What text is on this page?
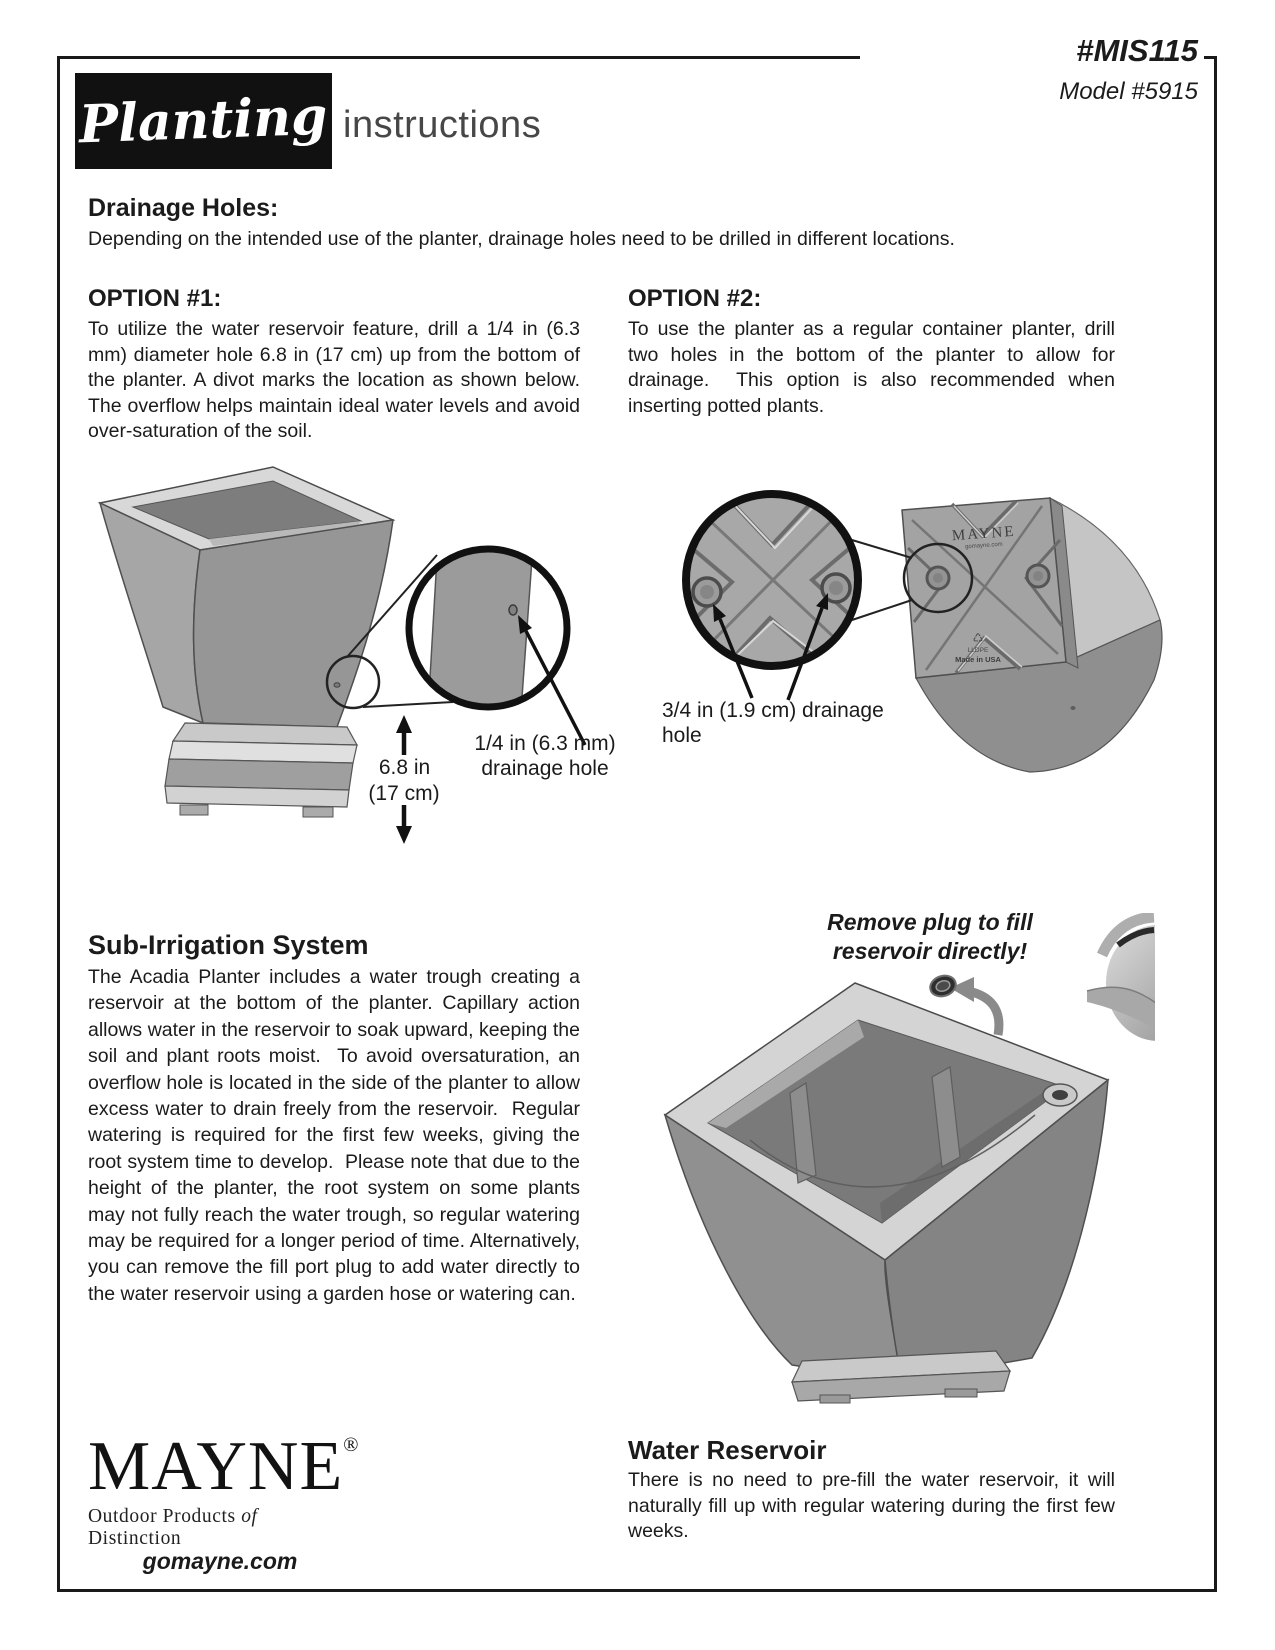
#MIS115
Model #5915
Planting instructions
Drainage Holes:
Depending on the intended use of the planter, drainage holes need to be drilled in different locations.
OPTION #1:
To utilize the water reservoir feature, drill a 1/4 in (6.3 mm) diameter hole 6.8 in (17 cm) up from the bottom of the planter. A divot marks the location as shown below. The overflow helps maintain ideal water levels and avoid over-saturation of the soil.
OPTION #2:
To use the planter as a regular container planter, drill two holes in the bottom of the planter to allow for drainage.  This option is also recommended when inserting potted plants.
6.8 in
(17 cm)
1/4 in (6.3 mm)
drainage hole
MAYNE
gomayne.com
♺
LLDPE
Made in USA
3/4 in (1.9 cm) drainage hole
Sub-Irrigation System
The Acadia Planter includes a water trough creating a reservoir at the bottom of the planter. Capillary action allows water in the reservoir to soak upward, keeping the soil and plant roots moist.  To avoid oversaturation, an overflow hole is located in the side of the planter to allow excess water to drain freely from the reservoir.  Regular watering is required for the first few weeks, giving the root system time to develop.  Please note that due to the height of the planter, the root system on some plants may not fully reach the water trough, so regular watering may be required for a longer period of time. Alternatively, you can remove the fill port plug to add water directly to the water reservoir using a garden hose or watering can.
Remove plug to fill
reservoir directly!
MAYNE®
Outdoor Products of Distinction
gomayne.com
Water Reservoir
There is no need to pre-fill the water reservoir, it will naturally fill up with regular watering during the first few weeks.
